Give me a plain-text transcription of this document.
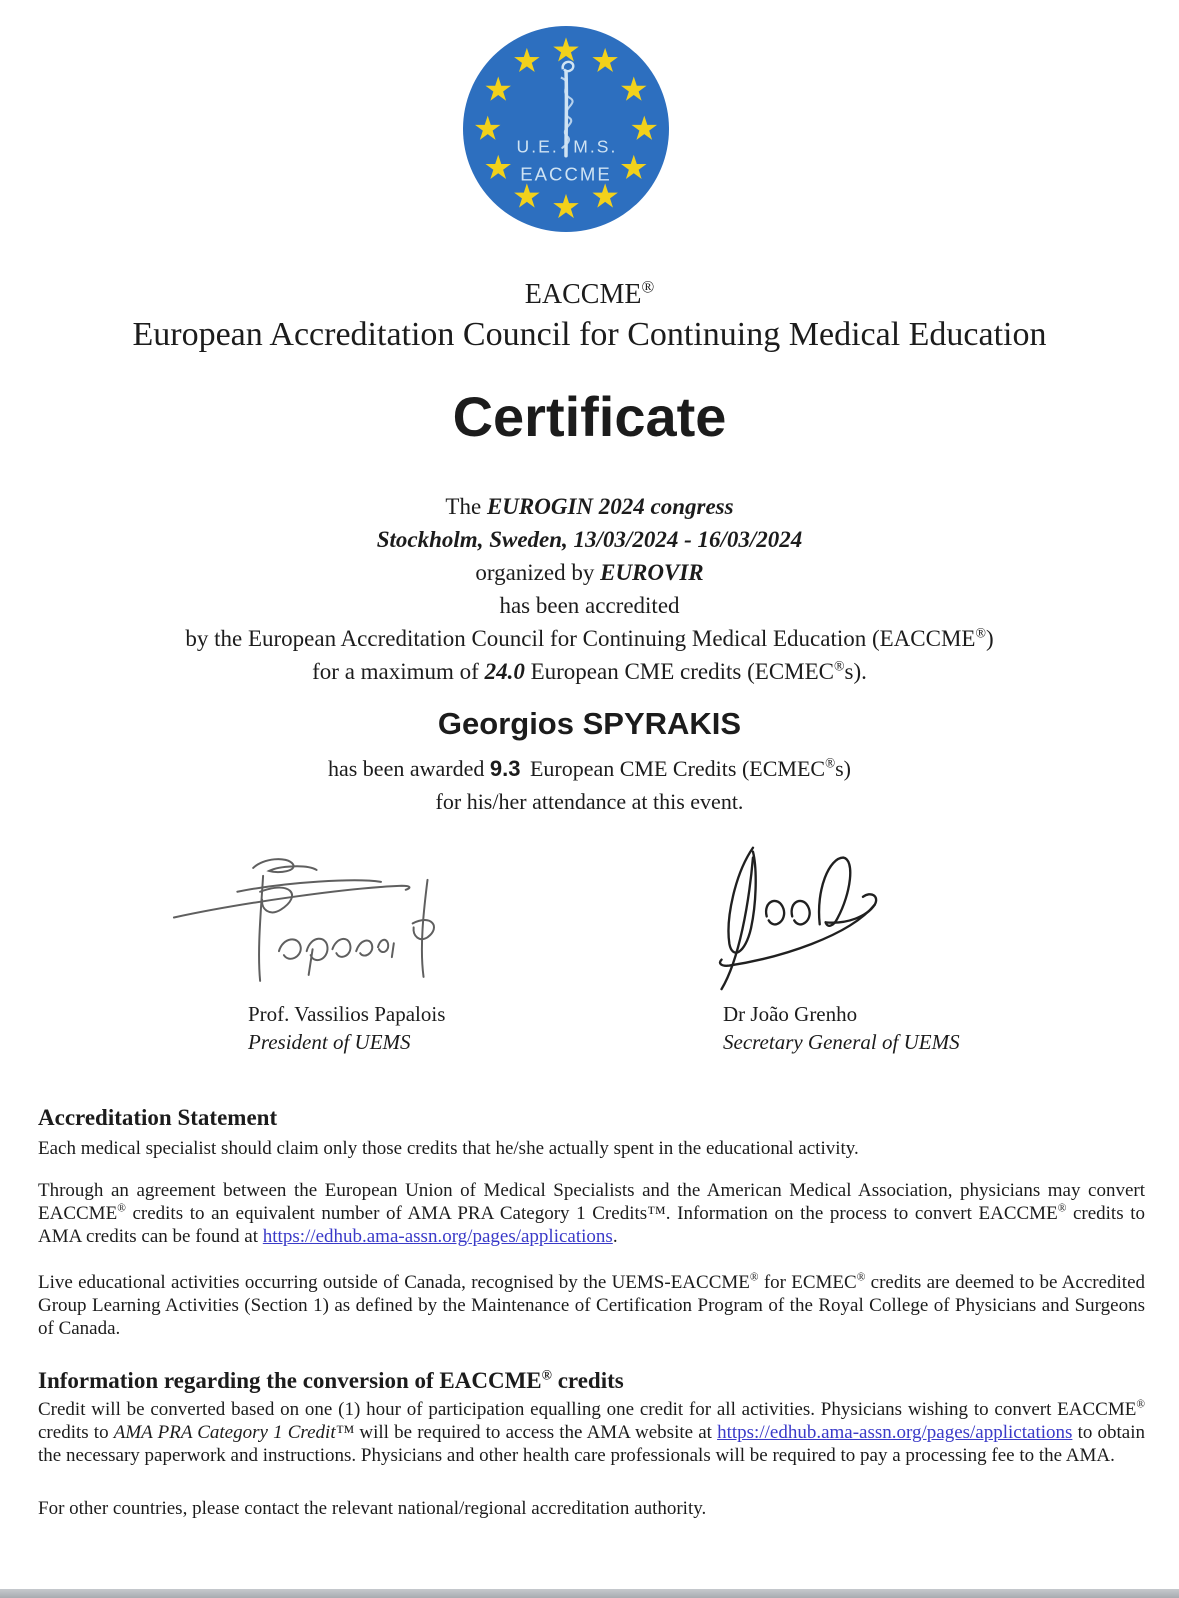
U.E. M.S.
EACCME
EACCME®
European Accreditation Council for Continuing Medical Education
Certificate
The EUROGIN 2024 congress
Stockholm, Sweden, 13/03/2024 - 16/03/2024
organized by EUROVIR
has been accredited
by the European Accreditation Council for Continuing Medical Education (EACCME®)
for a maximum of 24.0 European CME credits (ECMEC®s).
Georgios SPYRAKIS
has been awarded 9.3 European CME Credits (ECMEC®s)
for his/her attendance at this event.
Prof. Vassilios Papalois
President of UEMS
Dr João Grenho
Secretary General of UEMS
Accreditation Statement

Each medical specialist should claim only those credits that he/she actually spent in the educational activity.

Through an agreement between the European Union of Medical Specialists and the American Medical Association, physicians may convert EACCME® credits to an equivalent number of AMA PRA Category 1 Credits™. Information on the process to convert EACCME® credits to AMA credits can be found at https://edhub.ama-assn.org/pages/applications.

Live educational activities occurring outside of Canada, recognised by the UEMS-EACCME® for ECMEC® credits are deemed to be Accredited Group Learning Activities (Section 1) as defined by the Maintenance of Certification Program of the Royal College of Physicians and Surgeons of Canada.

Information regarding the conversion of EACCME® credits

Credit will be converted based on one (1) hour of participation equalling one credit for all activities. Physicians wishing to convert EACCME® credits to AMA PRA Category 1 Credit™ will be required to access the AMA website at https://edhub.ama-assn.org/pages/applictations to obtain the necessary paperwork and instructions. Physicians and other health care professionals will be required to pay a processing fee to the AMA.

For other countries, please contact the relevant national/regional accreditation authority.
